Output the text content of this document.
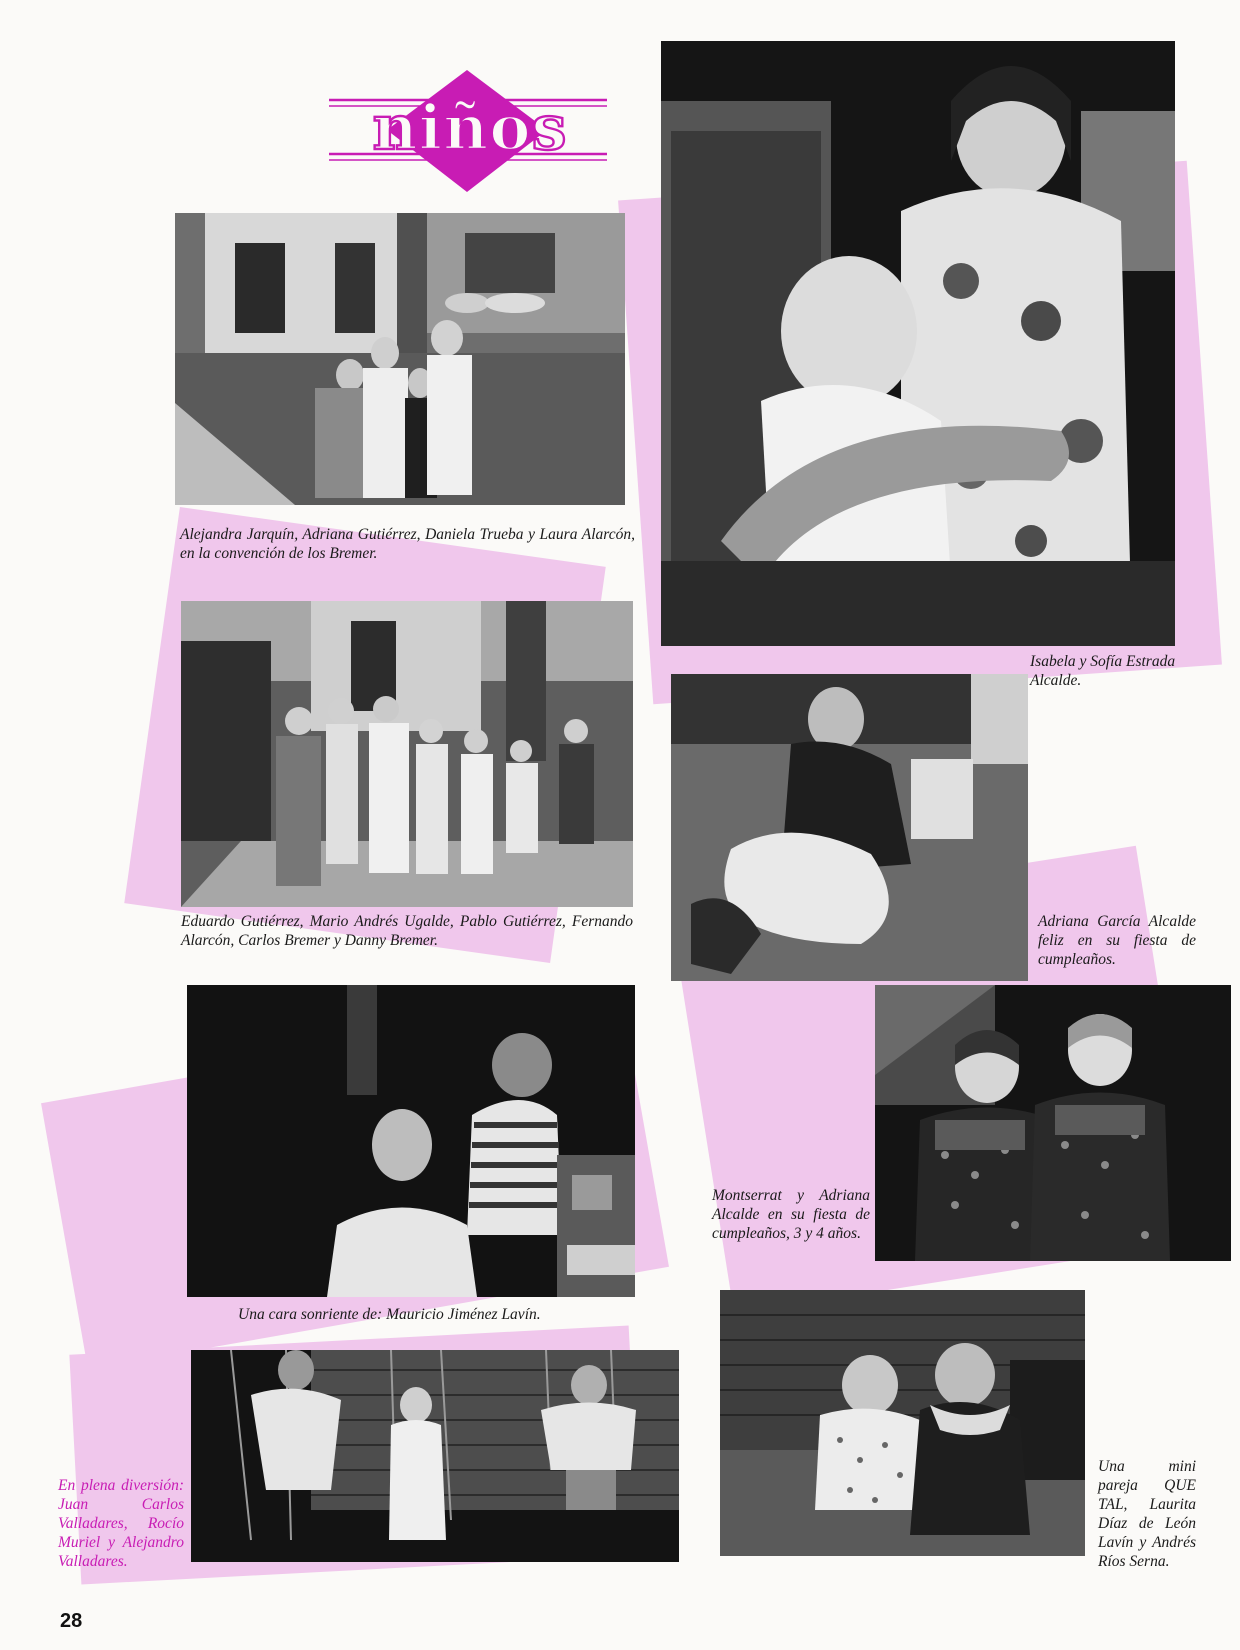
niños
Alejandra Jarquín, Adriana Gutiérrez, Daniela Trueba y Laura Alarcón, en la convención de los Bremer.
Isabela y Sofía Estrada Alcalde.
Eduardo Gutiérrez, Mario Andrés Ugalde, Pablo Gutiérrez, Fernando Alarcón, Carlos Bremer y Danny Bremer.
Adriana García Alcalde feliz en su fiesta de cumpleaños.
Una cara sonriente de: Mauricio Jiménez Lavín.
Montserrat y Adriana Alcalde en su fiesta de cumpleaños, 3 y 4 años.
En plena diversión: Juan Carlos Valladares, Rocío Muriel y Alejandro Valladares.
Una mini pareja QUE TAL, Laurita Díaz de León Lavín y Andrés Ríos Serna.
28
